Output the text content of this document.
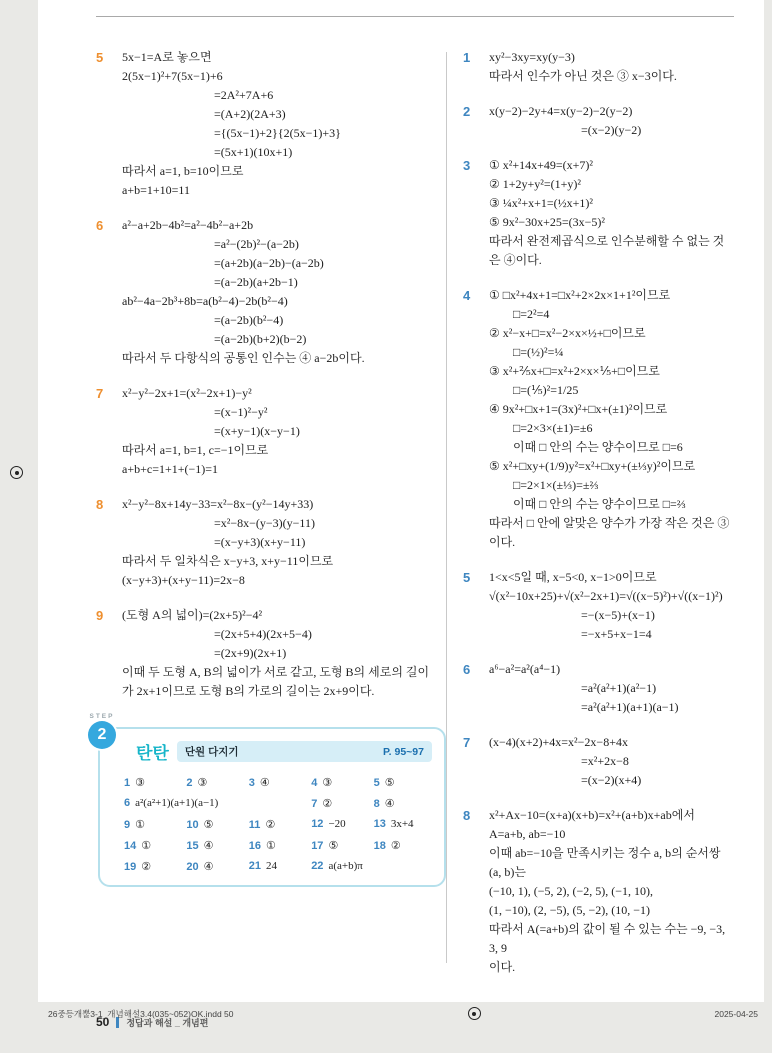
5	5x−1=A로 놓으면
2(5x−1)²+7(5x−1)+6
=2A²+7A+6
=(A+2)(2A+3)
={(5x−1)+2}{2(5x−1)+3}
=(5x+1)(10x+1)
따라서 a=1, b=10이므로
a+b=1+10=11
6	a²−a+2b−4b²=a²−4b²−a+2b
=a²−(2b)²−(a−2b)
=(a+2b)(a−2b)−(a−2b)
=(a−2b)(a+2b−1)
ab²−4a−2b³+8b=a(b²−4)−2b(b²−4)
=(a−2b)(b²−4)
=(a−2b)(b+2)(b−2)
따라서 두 다항식의 공통인 인수는 ④ a−2b이다.
7	x²−y²−2x+1=(x²−2x+1)−y²
=(x−1)²−y²
=(x+y−1)(x−y−1)
따라서 a=1, b=1, c=−1이므로
a+b+c=1+1+(−1)=1
8	x²−y²−8x+14y−33=x²−8x−(y²−14y+33)
=x²−8x−(y−3)(y−11)
=(x−y+3)(x+y−11)
따라서 두 일차식은 x−y+3, x+y−11이므로
(x−y+3)+(x+y−11)=2x−8
9	(도형 A의 넓이)=(2x+5)²−4²
=(2x+5+4)(2x+5−4)
=(2x+9)(2x+1)
이때 두 도형 A, B의 넓이가 서로 같고, 도형 B의 세로의 길이가 2x+1이므로 도형 B의 가로의 길이는 2x+9이다.
STEP
2
탄탄 단원 다지기	P. 95~97
1 ③	2 ③	3 ④	4 ③	5 ⑤
6 a²(a²+1)(a+1)(a−1)	7 ②	8 ④
9 ①	10 ⑤	11 ②	12 −20	13 3x+4
14 ①	15 ④	16 ①	17 ⑤	18 ②
19 ②	20 ④	21 24	22 a(a+b)π
1	xy²−3xy=xy(y−3)
따라서 인수가 아닌 것은 ③ x−3이다.
2	x(y−2)−2y+4=x(y−2)−2(y−2)
=(x−2)(y−2)
3	① x²+14x+49=(x+7)²
② 1+2y+y²=(1+y)²
③ ¼x²+x+1=(½x+1)²
⑤ 9x²−30x+25=(3x−5)²
따라서 완전제곱식으로 인수분해할 수 없는 것은 ④이다.
4	① □x²+4x+1=□x²+2×2x×1+1²이므로
□=2²=4
② x²−x+□=x²−2×x×½+□이므로
□=(½)²=¼
③ x²+⅖x+□=x²+2×x×⅕+□이므로
□=(⅕)²=1/25
④ 9x²+□x+1=(3x)²+□x+(±1)²이므로
□=2×3×(±1)=±6
이때 □ 안의 수는 양수이므로 □=6
⑤ x²+□xy+(1/9)y²=x²+□xy+(±⅓y)²이므로
□=2×1×(±⅓)=±⅔
이때 □ 안의 수는 양수이므로 □=⅔
따라서 □ 안에 알맞은 양수가 가장 작은 것은 ③이다.
5	1<x<5일 때, x−5<0, x−1>0이므로
√(x²−10x+25)+√(x²−2x+1)=√((x−5)²)+√((x−1)²)
=−(x−5)+(x−1)
=−x+5+x−1=4
6	a⁶−a²=a²(a⁴−1)
=a²(a²+1)(a²−1)
=a²(a²+1)(a+1)(a−1)
7	(x−4)(x+2)+4x=x²−2x−8+4x
=x²+2x−8
=(x−2)(x+4)
8	x²+Ax−10=(x+a)(x+b)=x²+(a+b)x+ab에서
A=a+b, ab=−10
이때 ab=−10을 만족시키는 정수 a, b의 순서쌍 (a, b)는
(−10, 1), (−5, 2), (−2, 5), (−1, 10),
(1, −10), (2, −5), (5, −2), (10, −1)
따라서 A(=a+b)의 값이 될 수 있는 수는 −9, −3, 3, 9
이다.
50 정답과 해설 _ 개념편
26중등개뿔3-1_개념해설3.4(035~052)OK.indd 50	2025-04-25
